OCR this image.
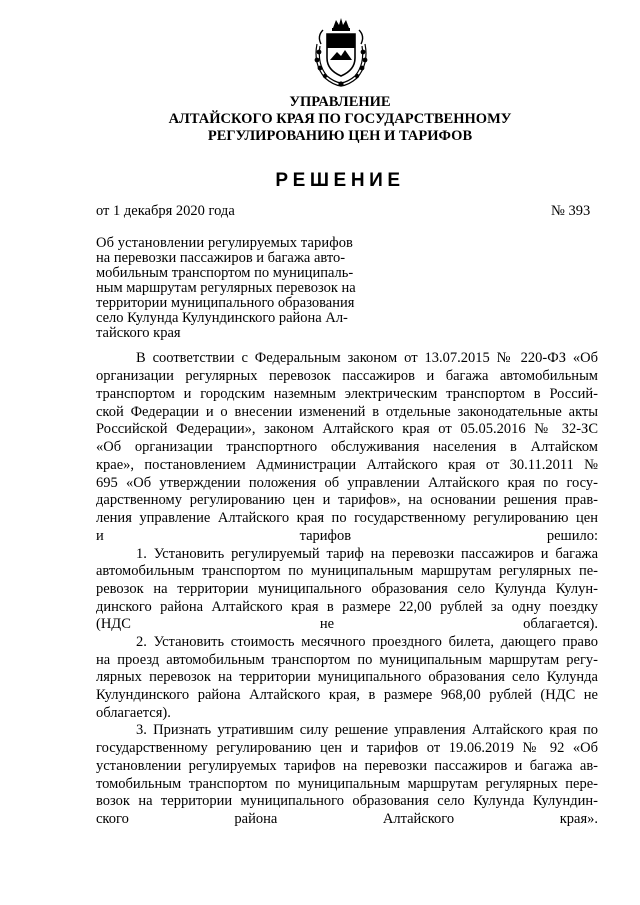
УПРАВЛЕНИЕ
АЛТАЙСКОГО КРАЯ ПО ГОСУДАРСТВЕННОМУ
РЕГУЛИРОВАНИЮ ЦЕН И ТАРИФОВ
РЕШЕНИЕ
от 1 декабря 2020 года	№ 393
Об установлении регулируемых тарифов
на перевозки пассажиров и багажа авто-
мобильным транспортом по муниципаль-
ным маршрутам регулярных перевозок на
территории муниципального образования
село Кулунда Кулундинского района Ал-
тайского края
В соответствии с Федеральным законом от 13.07.2015 № 220-ФЗ «Об
организации регулярных перевозок пассажиров и багажа автомобильным
транспортом и городским наземным электрическим транспортом в Россий-
ской Федерации и о внесении изменений в отдельные законодательные акты
Российской Федерации», законом Алтайского края от 05.05.2016 № 32-ЗС
«Об организации транспортного обслуживания населения в Алтайском
крае», постановлением Администрации Алтайского края от 30.11.2011 №
695 «Об утверждении положения об управлении Алтайского края по госу-
дарственному регулированию цен и тарифов», на основании решения прав-
ления управление Алтайского края по государственному регулированию цен
и тарифов решило:
1. Установить регулируемый тариф на перевозки пассажиров и багажа
автомобильным транспортом по муниципальным маршрутам регулярных пе-
ревозок на территории муниципального образования село Кулунда Кулун-
динского района Алтайского края в размере 22,00 рублей за одну поездку
(НДС не облагается).
2. Установить стоимость месячного проездного билета, дающего право
на проезд автомобильным транспортом по муниципальным маршрутам регу-
лярных перевозок на территории муниципального образования село Кулунда
Кулундинского района Алтайского края, в размере 968,00 рублей (НДС не
облагается).
3. Признать утратившим силу решение управления Алтайского края по
государственному регулированию цен и тарифов от 19.06.2019 № 92 «Об
установлении регулируемых тарифов на перевозки пассажиров и багажа ав-
томобильным транспортом по муниципальным маршрутам регулярных пере-
возок на территории муниципального образования село Кулунда Кулундин-
ского района Алтайского края».
